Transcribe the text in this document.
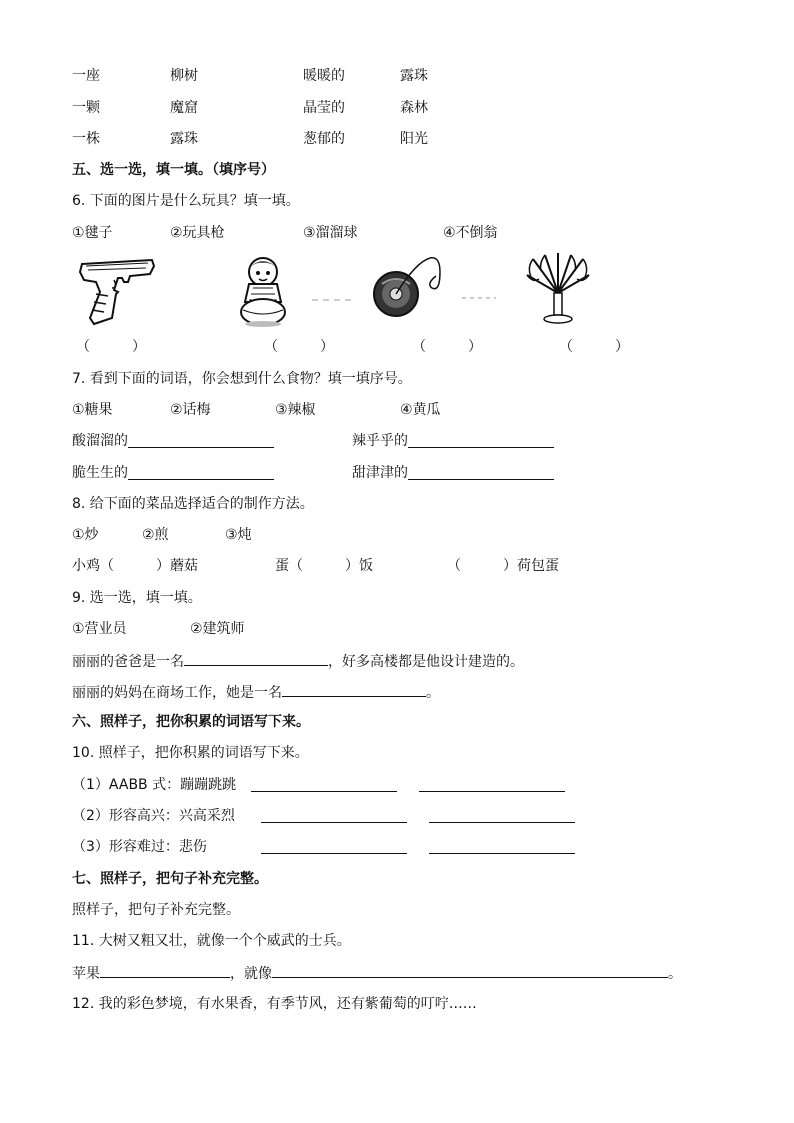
一座	柳树	暖暖的	露珠
一颗	魔窟	晶莹的	森林
一株	露珠	葱郁的	阳光
五、选一选，填一填。（填序号）
6. 下面的图片是什么玩具？填一填。
①毽子	②玩具枪	③溜溜球	④不倒翁
（　　　）	（　　　）	（　　　）	（　　　）
7. 看到下面的词语，你会想到什么食物？填一填序号。
①糖果	②话梅	③辣椒	④黄瓜
酸溜溜的	辣乎乎的
脆生生的	甜津津的
8. 给下面的菜品选择适合的制作方法。
①炒	②煎	③炖
小鸡（　　　）蘑菇	蛋（　　　）饭	（　　　）荷包蛋
9. 选一选，填一填。
①营业员	②建筑师
丽丽的爸爸是一名	，好多高楼都是他设计建造的。
丽丽的妈妈在商场工作，她是一名	。
六、照样子，把你积累的词语写下来。
10. 照样子，把你积累的词语写下来。
（1）AABB 式：蹦蹦跳跳
（2）形容高兴：兴高采烈
（3）形容难过：悲伤
七、照样子，把句子补充完整。
照样子，把句子补充完整。
11. 大树又粗又壮，就像一个个威武的士兵。
苹果	，就像	。
12. 我的彩色梦境，有水果香，有季节风，还有紫葡萄的叮咛……
